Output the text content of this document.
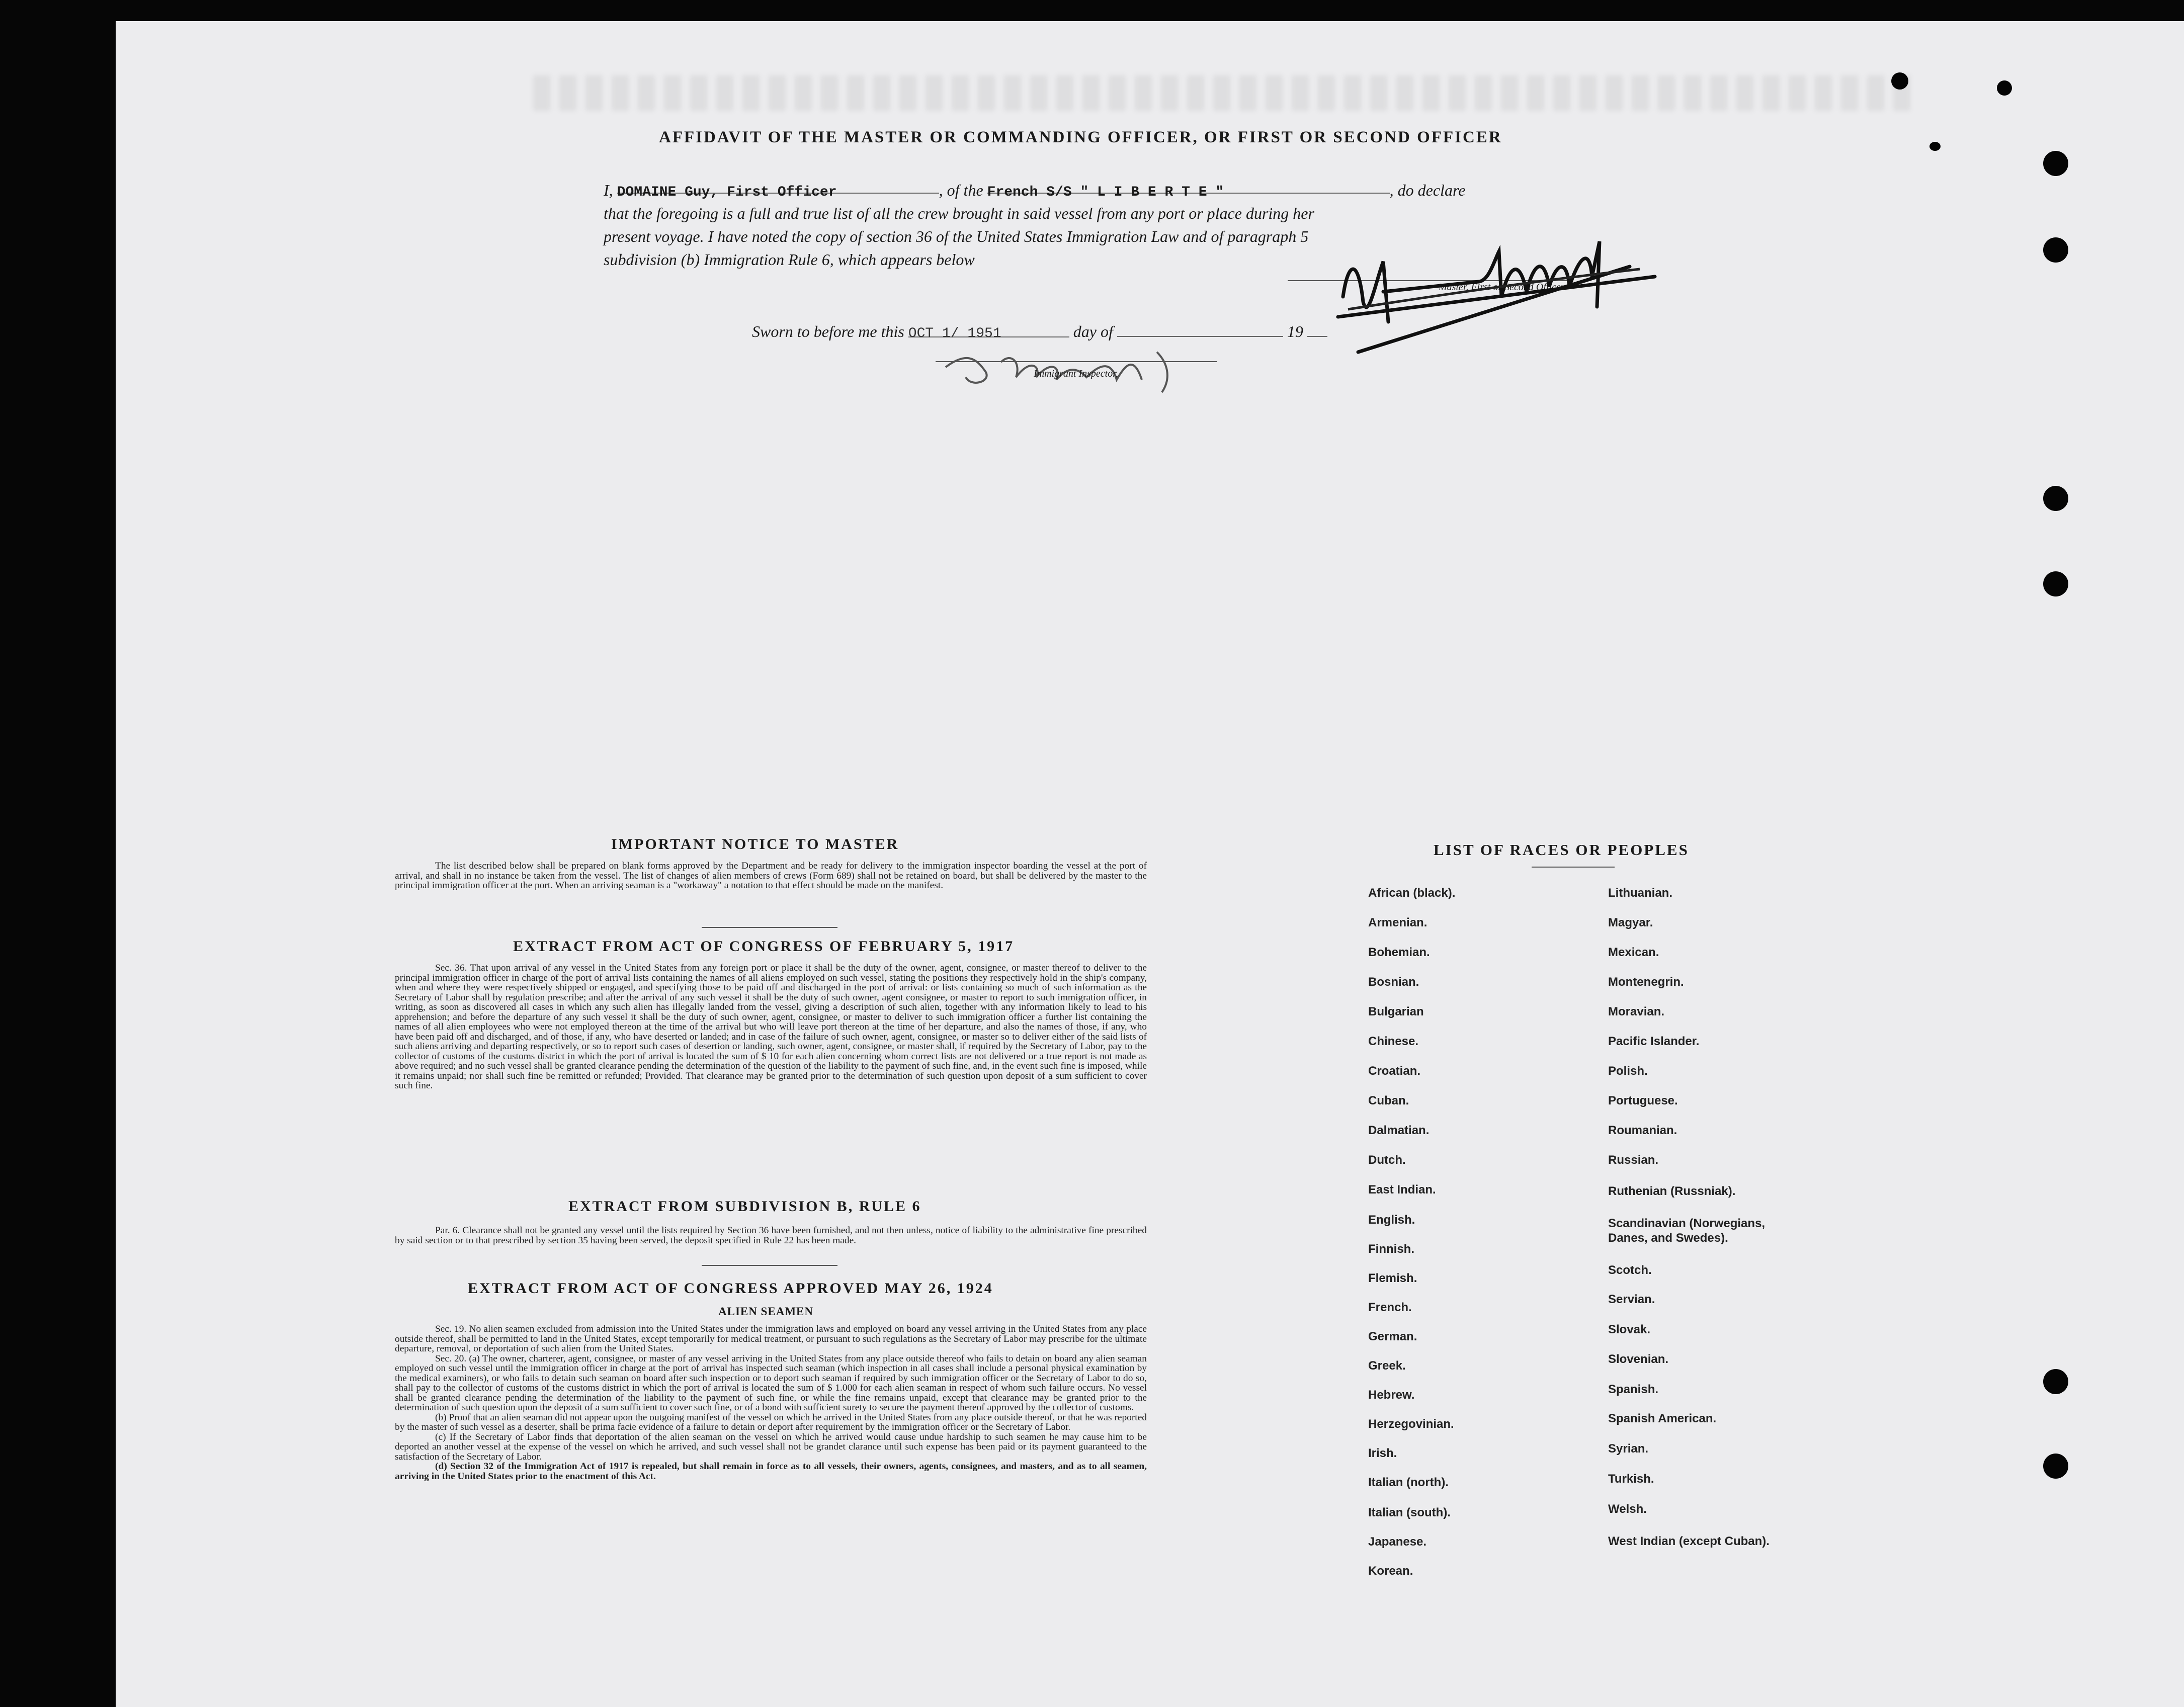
AFFIDAVIT OF THE MASTER OR COMMANDING OFFICER, OR FIRST OR SECOND OFFICER

I, DOMAINE Guy, First Officer	, of the French S/S " L I B E R T E "	, do declare

that the foregoing is a full and true list of all the crew brought in said vessel from any port or place during her

present voyage. I have noted the copy of section 36 of the United States Immigration Law and of paragraph 5

subdivision (b) Immigration Rule 6, which appears below

Master, First or Second Officer.
Sworn to before me this OCT 1/ 1951	day of	19
Immigrant Inspector,
IMPORTANT NOTICE TO MASTER

The list described below shall be prepared on blank forms approved by the Department and be ready for delivery to the immigration inspector boarding the vessel at the port of arrival, and shall in no instance be taken from the vessel. The list of changes of alien members of crews (Form 689) shall not be retained on board, but shall be delivered by the master to the principal immigration officer at the port. When an arriving seaman is a "workaway" a notation to that effect should be made on the manifest.

EXTRACT FROM ACT OF CONGRESS OF FEBRUARY 5, 1917

Sec. 36. That upon arrival of any vessel in the United States from any foreign port or place it shall be the duty of the owner, agent, consignee, or master thereof to deliver to the principal immigration officer in charge of the port of arrival lists containing the names of all aliens employed on such vessel, stating the positions they respectively hold in the ship's company, when and where they were respectively shipped or engaged, and specifying those to be paid off and discharged in the port of arrival: or lists containing so much of such information as the Secretary of Labor shall by regulation prescribe; and after the arrival of any such vessel it shall be the duty of such owner, agent consignee, or master to report to such immigration officer, in writing, as soon as discovered all cases in which any such alien has illegally landed from the vessel, giving a description of such alien, together with any information likely to lead to his apprehension; and before the departure of any such vessel it shall be the duty of such owner, agent, consignee, or master to deliver to such immigration officer a further list containing the names of all alien employees who were not employed thereon at the time of the arrival but who will leave port thereon at the time of her departure, and also the names of those, if any, who have been paid off and discharged, and of those, if any, who have deserted or landed; and in case of the failure of such owner, agent, consignee, or master so to deliver either of the said lists of such aliens arriving and departing respectively, or so to report such cases of desertion or landing, such owner, agent, consignee, or master shall, if required by the Secretary of Labor, pay to the collector of customs of the customs district in which the port of arrival is located the sum of $ 10 for each alien concerning whom correct lists are not delivered or a true report is not made as above required; and no such vessel shall be granted clearance pending the determination of the question of the liability to the payment of such fine, and, in the event such fine is imposed, while it remains unpaid; nor shall such fine be remitted or refunded; Provided. That clearance may be granted prior to the determination of such question upon deposit of a sum sufficient to cover such fine.

EXTRACT FROM SUBDIVISION B, RULE 6

Par. 6. Clearance shall not be granted any vessel until the lists required by Section 36 have been furnished, and not then unless, notice of liability to the administrative fine prescribed by said section or to that prescribed by section 35 having been served, the deposit specified in Rule 22 has been made.

EXTRACT FROM ACT OF CONGRESS APPROVED MAY 26, 1924
ALIEN SEAMEN

Sec. 19. No alien seamen excluded from admission into the United States under the immigration laws and employed on board any vessel arriving in the United States from any place outside thereof, shall be permitted to land in the United States, except temporarily for medical treatment, or pursuant to such regulations as the Secretary of Labor may prescribe for the ultimate departure, removal, or deportation of such alien from the United States.

Sec. 20. (a) The owner, charterer, agent, consignee, or master of any vessel arriving in the United States from any place outside thereof who fails to detain on board any alien seaman employed on such vessel until the immigration officer in charge at the port of arrival has inspected such seaman (which inspection in all cases shall include a personal physical examination by the medical examiners), or who fails to detain such seaman on board after such inspection or to deport such seaman if required by such immigration officer or the Secretary of Labor to do so, shall pay to the collector of customs of the customs district in which the port of arrival is located the sum of $ 1.000 for each alien seaman in respect of whom such failure occurs. No vessel shall be granted clearance pending the determination of the liability to the payment of such fine, or while the fine remains unpaid, except that clearance may be granted prior to the determination of such question upon the deposit of a sum sufficient to cover such fine, or of a bond with sufficient surety to secure the payment thereof approved by the collector of customs.

(b) Proof that an alien seaman did not appear upon the outgoing manifest of the vessel on which he arrived in the United States from any place outside thereof, or that he was reported by the master of such vessel as a deserter, shall be prima facie evidence of a failure to detain or deport after requirement by the immigration officer or the Secretary of Labor.

(c) If the Secretary of Labor finds that deportation of the alien seaman on the vessel on which he arrived would cause undue hardship to such seamen he may cause him to be deported an another vessel at the expense of the vessel on which he arrived, and such vessel shall not be grandet clarance until such expense has been paid or its payment guaranteed to the satisfaction of the Secretary of Labor.

(d) Section 32 of the Immigration Act of 1917 is repealed, but shall remain in force as to all vessels, their owners, agents, consignees, and masters, and as to all seamen, arriving in the United States prior to the enactment of this Act.

LIST OF RACES OR PEOPLES
African (black).
Armenian.
Bohemian.
Bosnian.
Bulgarian
Chinese.
Croatian.
Cuban.
Dalmatian.
Dutch.
East Indian.
English.
Finnish.
Flemish.
French.
German.
Greek.
Hebrew.
Herzegovinian.
Irish.
Italian (north).
Italian (south).
Japanese.
Korean.
Lithuanian.
Magyar.
Mexican.
Montenegrin.
Moravian.
Pacific Islander.
Polish.
Portuguese.
Roumanian.
Russian.
Ruthenian (Russniak).
Scandinavian (Norwegians, Danes, and Swedes).
Scotch.
Servian.
Slovak.
Slovenian.
Spanish.
Spanish American.
Syrian.
Turkish.
Welsh.
West Indian (except Cuban).
